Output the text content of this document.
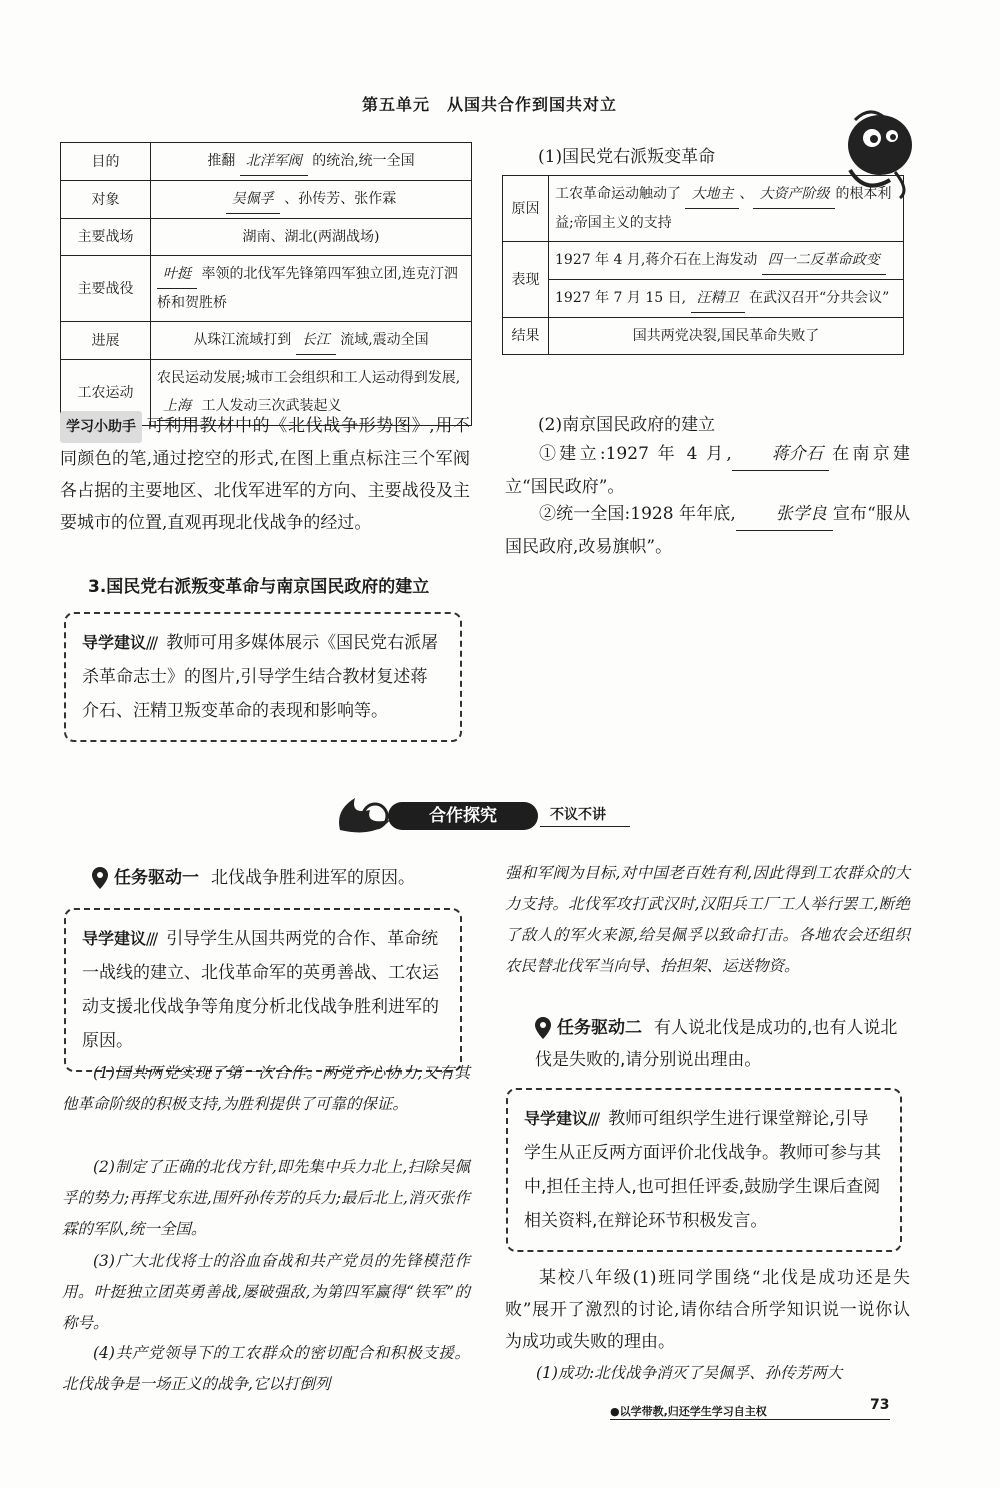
第五单元　从国共合作到国共对立
目的	推翻 北洋军阀 的统治,统一全国
对象	吴佩孚 、孙传芳、张作霖
主要战场	湖南、湖北(两湖战场)
主要战役	叶挺 率领的北伐军先锋第四军独立团,连克汀泗桥和贺胜桥
进展	从珠江流域打到 长江 流域,震动全国
工农运动	农民运动发展;城市工会组织和工人运动得到发展, 上海 工人发动三次武装起义
学习小助手 可利用教材中的《北伐战争形势图》,用不同颜色的笔,通过挖空的形式,在图上重点标注三个军阀各占据的主要地区、北伐军进军的方向、主要战役及主要城市的位置,直观再现北伐战争的经过。
3.国民党右派叛变革命与南京国民政府的建立
导学建议/// 教师可用多媒体展示《国民党右派屠杀革命志士》的图片,引导学生结合教材复述蒋介石、汪精卫叛变革命的表现和影响等。
(1)国民党右派叛变革命
原因	工农革命运动触动了 大地主 、 大资产阶级 的根本利益;帝国主义的支持
表现	1927 年 4 月,蒋介石在上海发动 四一二反革命政变
	1927 年 7 月 15 日, 汪精卫 在武汉召开“分共会议”
结果	国共两党决裂,国民革命失败了
(2)南京国民政府的建立
①建立:1927 年 4 月, 蒋介石 在南京建立“国民政府”。
②统一全国:1928 年年底, 张学良 宣布“服从国民政府,改易旗帜”。
合作探究	不议不讲
任务驱动一 北伐战争胜利进军的原因。
导学建议/// 引导学生从国共两党的合作、革命统一战线的建立、北伐革命军的英勇善战、工农运动支援北伐战争等角度分析北伐战争胜利进军的原因。
(1)国共两党实现了第一次合作。两党齐心协力,又有其他革命阶级的积极支持,为胜利提供了可靠的保证。
(2)制定了正确的北伐方针,即先集中兵力北上,扫除吴佩孚的势力;再挥戈东进,围歼孙传芳的兵力;最后北上,消灭张作霖的军队,统一全国。
(3)广大北伐将士的浴血奋战和共产党员的先锋模范作用。叶挺独立团英勇善战,屡破强敌,为第四军赢得“铁军”的称号。
(4)共产党领导下的工农群众的密切配合和积极支援。北伐战争是一场正义的战争,它以打倒列
强和军阀为目标,对中国老百姓有利,因此得到工农群众的大力支持。北伐军攻打武汉时,汉阳兵工厂工人举行罢工,断绝了敌人的军火来源,给吴佩孚以致命打击。各地农会还组织农民替北伐军当向导、抬担架、运送物资。
任务驱动二 有人说北伐是成功的,也有人说北伐是失败的,请分别说出理由。
导学建议/// 教师可组织学生进行课堂辩论,引导学生从正反两方面评价北伐战争。教师可参与其中,担任主持人,也可担任评委,鼓励学生课后查阅相关资料,在辩论环节积极发言。
某校八年级(1)班同学围绕“北伐是成功还是失败”展开了激烈的讨论,请你结合所学知识说一说你认为成功或失败的理由。
(1)成功:北伐战争消灭了吴佩孚、孙传芳两大
●以学带教,归还学生学习自主权	73
